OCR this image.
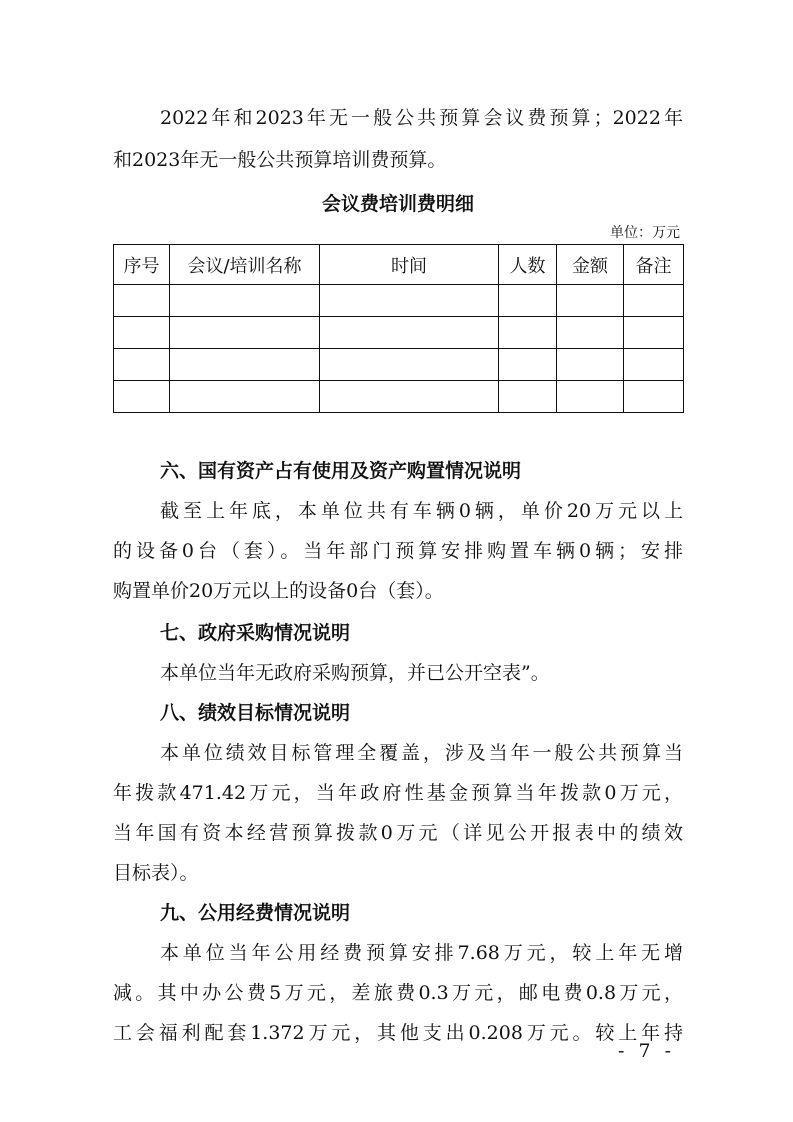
2022年和2023年无一般公共预算会议费预算；2022年
和2023年无一般公共预算培训费预算。
会议费培训费明细
单位：万元
序号	会议/培训名称	时间	人数	金额	备注

六、国有资产占有使用及资产购置情况说明
截至上年底，本单位共有车辆0辆，单价20万元以上
的设备0台（套）。当年部门预算安排购置车辆0辆；安排
购置单价20万元以上的设备0台（套）。
七、政府采购情况说明
本单位当年无政府采购预算，并已公开空表”。
八、绩效目标情况说明
本单位绩效目标管理全覆盖，涉及当年一般公共预算当
年拨款471.42万元，当年政府性基金预算当年拨款0万元，
当年国有资本经营预算拨款0万元（详见公开报表中的绩效
目标表）。
九、公用经费情况说明
本单位当年公用经费预算安排7.68万元，较上年无增
减。其中办公费5万元，差旅费0.3万元，邮电费0.8万元，
工会福利配套1.372万元，其他支出0.208万元。较上年持
- 7 -
